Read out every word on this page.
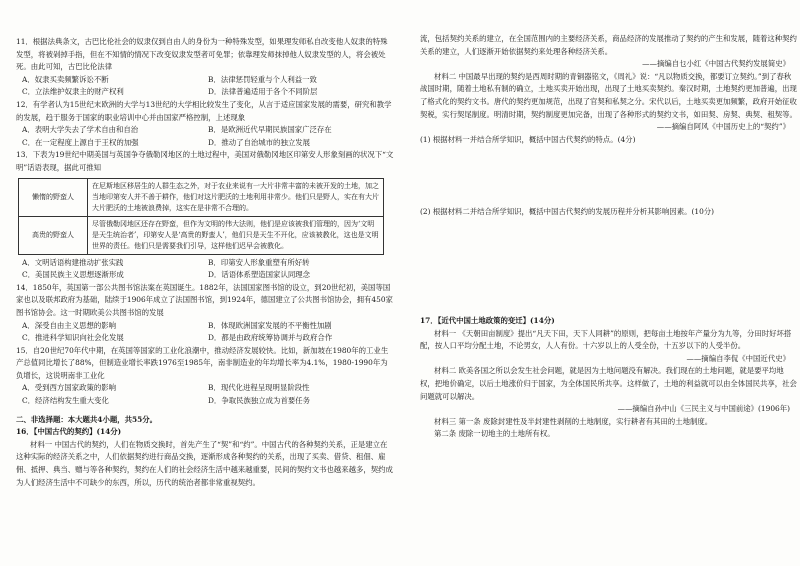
11．根据法典条文，古巴比伦社会的奴隶仅到自由人的身份为一种特殊发型，如果理发师私自改变他人奴隶的特殊发型，将被剁掉手指，但在不知情的情况下改变奴隶发型者可免罪；依靠理发师抹掉他人奴隶发型的人，将会被处死。由此可知，古巴比伦法律

A．奴隶买卖频繁诉讼不断	B．法律惩罚轻重与个人利益一致
C．立法维护奴隶主的财产权利	D．法律普遍适用于各个不同阶层

12．有学者认为15世纪末欧洲的大学与13世纪的大学相比较发生了变化，从言于适应国家发展的需要，研究和教学的发展，趋于服务于国家的职业培训中心并由国家严格控制，上述现象

A．表明大学失去了学术自由和自治	B．是欧洲近代早期民族国家广泛存在
C．在一定程度上源自于王权的加强	D．推动了自治城市的独立发展

13．下表为19世纪中期美国与英国争夺俄勒冈地区的土地过程中，美国对俄勒冈地区印第安人形象刻画的状况下“文明”话语表现，据此可推知

懒惰的野蛮人	在尼斯地区移居生的人群生态之外，对于农业来说有一大片非常丰富的未被开发的土地，加之当地印第安人并不善于耕作，他们对这片肥沃的土地利用非常少。他们只是野人，实在有大片大片肥沃的土地被浪费掉，这实在是非常不合理的。
高贵的野蛮人	尽管俄勒冈地区还存在野蛮，但作为文明的伟大法则，他们是应该被我们管理的，因为‘文明是天生统治者’，印第安人是‘高贵的野蛮人’，他们只是天生不开化，应该被教化，这也是文明世界的责任。他们只是需要我们引导，这样他们迟早会被教化。
A．文明话语构建推动扩张实践	B．印第安人形象重塑有所好转
C．美国民族主义思想逐渐形成	D．话语体系塑造国家认同理念

14．1850年，英国第一部公共图书馆法案在英国诞生。1882年，法国国家图书馆的设立，到20世纪初，美国等国家也以及联邦政府为基础，陆续于1906年成立了法国图书馆，到1924年，德国建立了公共图书馆协会，拥有450家图书馆协会。这一时期欧美公共图书馆的发展

A．深受自由主义思想的影响	B．体现欧洲国家发展的不平衡性加剧
C．推进科学知识向社会化发展	D．都是由政府统筹协调并与政府合作

15．自20世纪70年代中期，在英国等国家的工业化浪潮中，推动经济发展较快。比如，新加坡在1980年的工业生产总值同比增长了88%，但制造业增长率跌1976至1985年，南非制造业的年均增长率为4.1%，1980-1990年为负增长，这说明南非工业化

A．受到西方国家政策的影响	B．现代化进程呈现明显阶段性
C．经济结构发生重大变化	D．争取民族独立成为首要任务

二、非选择题：本大题共4小题，共55分。

16．【中国古代的契约】(14分)

材料一 中国古代的契约，人们在物质交换时，首先产生了“契”和“约”。中国古代的各种契约关系，正是建立在这种实际的经济关系之中，人们依据契约进行商品交换，逐渐形成各种契约的关系，出现了买卖、借贷、租佃、雇佣、抵押、典当、赠与等各种契约，契约在人们的社会经济生活中越来越重要，民间的契约文书也越来越多，契约成为人们经济生活中不可缺少的东西，所以，历代的统治者都非常重视契约。

流，包括契约关系的建立，在全国范围内的主要经济关系，商品经济的发展推动了契约的产生和发展，随着这种契约关系的建立，人们逐渐开始依据契约来处理各种经济关系。

——摘编自乜小红《中国古代契约发展简史》

材料二 中国最早出现的契约是西周时期的青铜器铭文，《周礼》说：“凡以物质交换，都要订立契约。”到了春秋战国时期，随着土地私有制的确立，土地买卖开始出现，出现了土地买卖契约。秦汉时期，土地契约更加普遍，出现了格式化的契约文书。唐代的契约更加规范，出现了官契和私契之分。宋代以后，土地买卖更加频繁，政府开始征收契税，实行契尾制度。明清时期，契约制度更加完备，出现了各种形式的契约文书，如田契、房契、典契、租契等。

——摘编自阿风《中国历史上的“契约”》

(1) 根据材料一并结合所学知识，概括中国古代契约的特点。(4分)

(2) 根据材料二并结合所学知识，概括中国古代契约的发展历程并分析其影响因素。(10分)

17．【近代中国土地政策的变迁】(14分)

材料一 《天朝田亩制度》提出“凡天下田，天下人同耕”的原则，把每亩土地按年产量分为九等，分田时好坏搭配，按人口平均分配土地，不论男女，人人有份。十六岁以上的人受全份，十五岁以下的人受半份。

——摘编自李侃《中国近代史》

材料二 欧美各国之所以会发生社会问题，就是因为土地问题没有解决。我们现在的土地问题，就是要平均地权，把地价确定，以后土地涨价归于国家，为全体国民所共享。这样做了，土地的利益就可以由全体国民共享，社会问题就可以解决。

——摘编自孙中山《三民主义与中国前途》(1906年)

材料三 第一条 废除封建性及半封建性剥削的土地制度，实行耕者有其田的土地制度。

第二条 废除一切地主的土地所有权。
